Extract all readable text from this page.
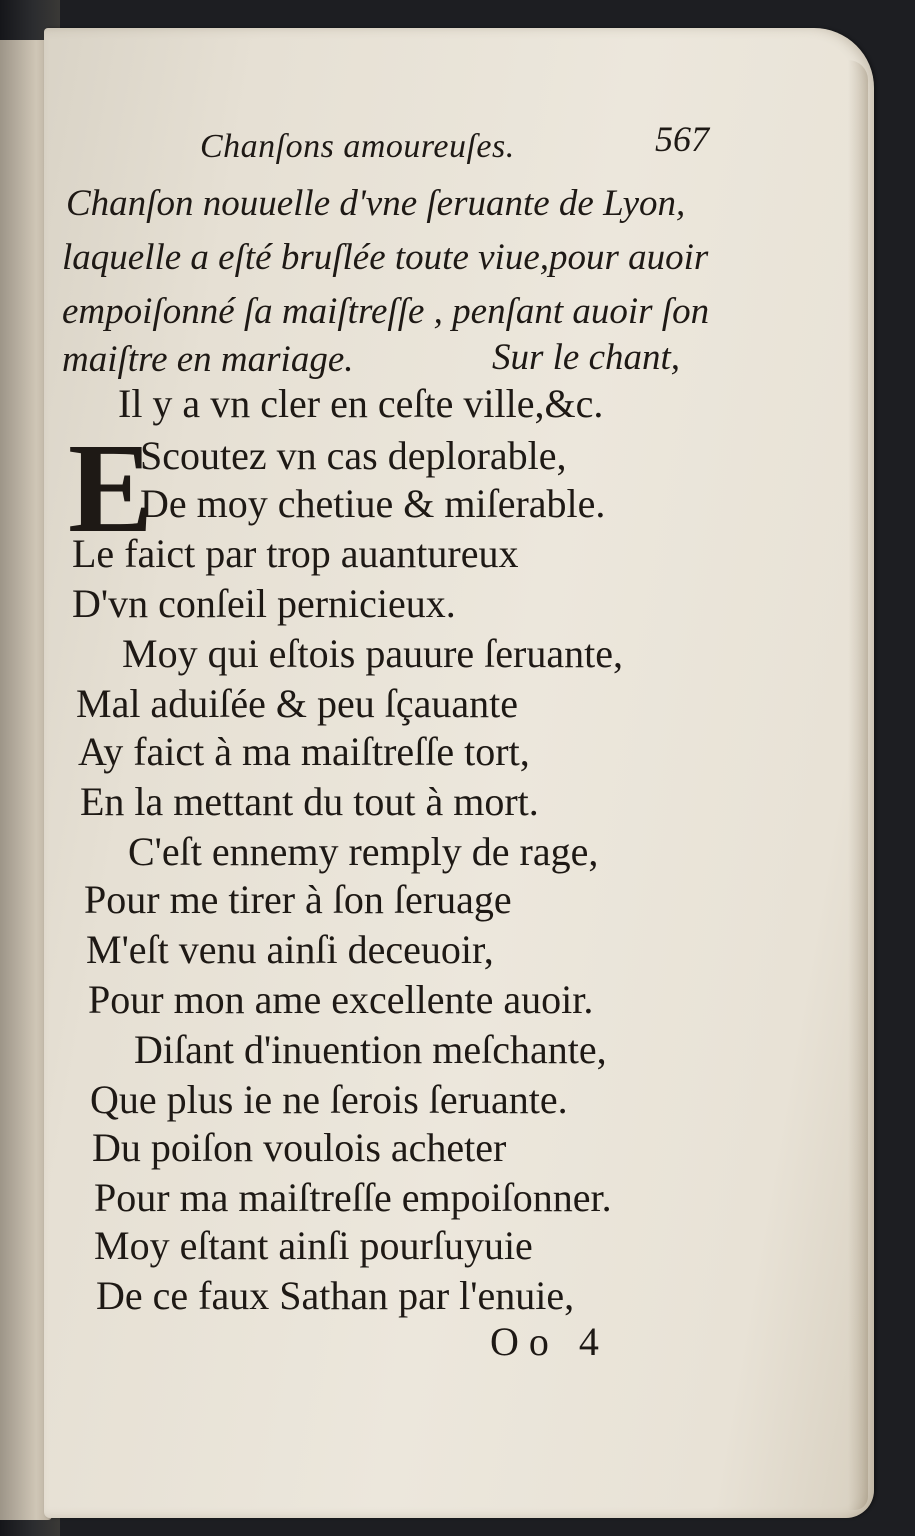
Chanſons amoureuſes.	567
Chanſon nouuelle d'vne ſeruante de Lyon,
laquelle a eſté bruſlée toute viue,pour auoir
empoiſonné ſa maiſtreſſe , penſant auoir ſon
maiſtre en mariage.	Sur le chant,
Il y a vn cler en ceſte ville,&c.
E
Scoutez vn cas deplorable,
De moy chetiue & miſerable.
Le faict par trop auantureux
D'vn conſeil pernicieux.
Moy qui eſtois pauure ſeruante,
Mal aduiſée & peu ſçauante
Ay faict à ma maiſtreſſe tort,
En la mettant du tout à mort.
C'eſt ennemy remply de rage,
Pour me tirer à ſon ſeruage
M'eſt venu ainſi deceuoir,
Pour mon ame excellente auoir.
Diſant d'inuention meſchante,
Que plus ie ne ſerois ſeruante.
Du poiſon voulois acheter
Pour ma maiſtreſſe empoiſonner.
Moy eſtant ainſi pourſuyuie
De ce faux Sathan par l'enuie,
Oo 4
